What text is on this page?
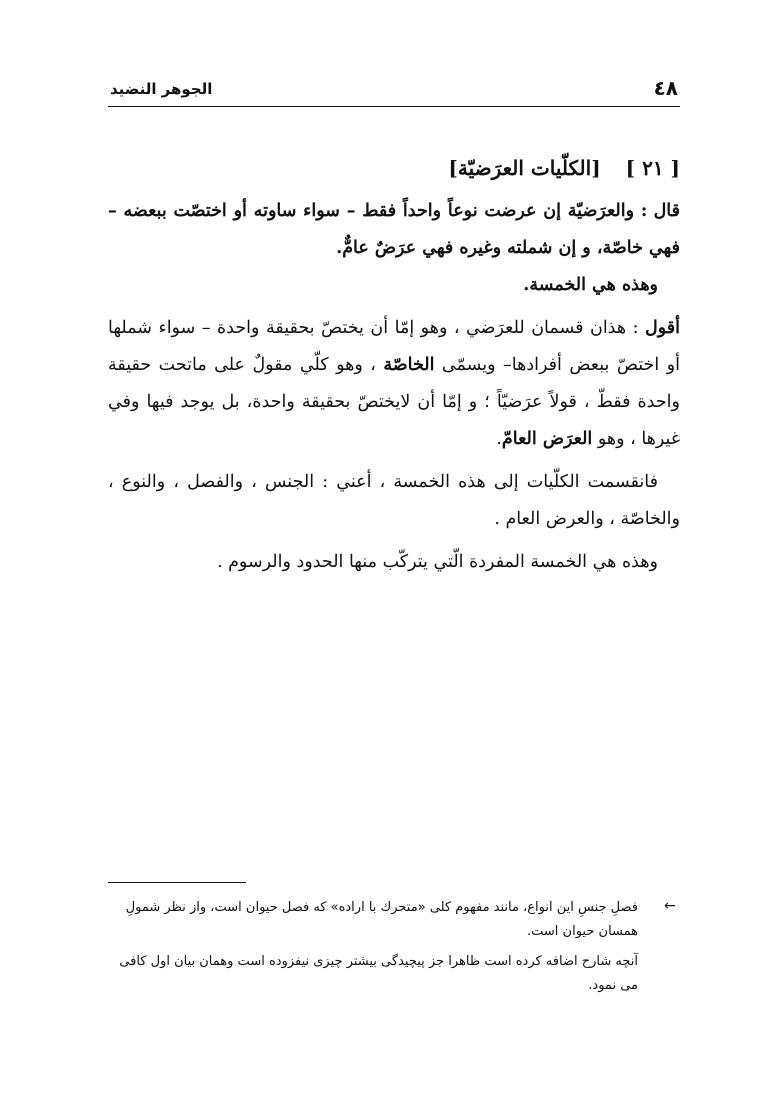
٤٨
الجوهر النضيد
[ ٢١ ] [الكلّيات العرَضيّة]

قال : والعرَضيّة إن عرضت نوعاً واحداً فقط – سواء ساوته أو اختصّت ببعضه – فهي خاصّة، و إن شملته وغيره فهي عرَضٌ عامٌّ.

وهذه هي الخمسة.

أقول : هذان قسمان للعرَضي ، وهو إمّا أن يختصّ بحقيقة واحدة – سواء شملها أو اختصّ ببعض أفرادها– ويسمّى الخاصّة ، وهو كلّي مقولٌ على ماتحت حقيقة واحدة فقطّ ، قولاً عرَضيّاً ؛ و إمّا أن لايختصّ بحقيقة واحدة، بل يوجد فيها وفي غيرها ، وهو العرَض العامّ.

فانقسمت الكلّيات إلى هذه الخمسة ، أعني : الجنس ، والفصل ، والنوع ، والخاصّة ، والعرض العام .

وهذه هي الخمسة المفردة الّتي يتركّب منها الحدود والرسوم .

←

فصلِ جنسِ این انواع، مانند مفهوم کلی «متحرك با اراده» که فصل حیوان است، واز نظر شمولِ همسان حیوان است.

آنچه شارح اضافه کرده است ظاهرا جز پیچیدگی بیشتر چیزی نیفزوده است وهمان بیان اول کافی می نمود.
